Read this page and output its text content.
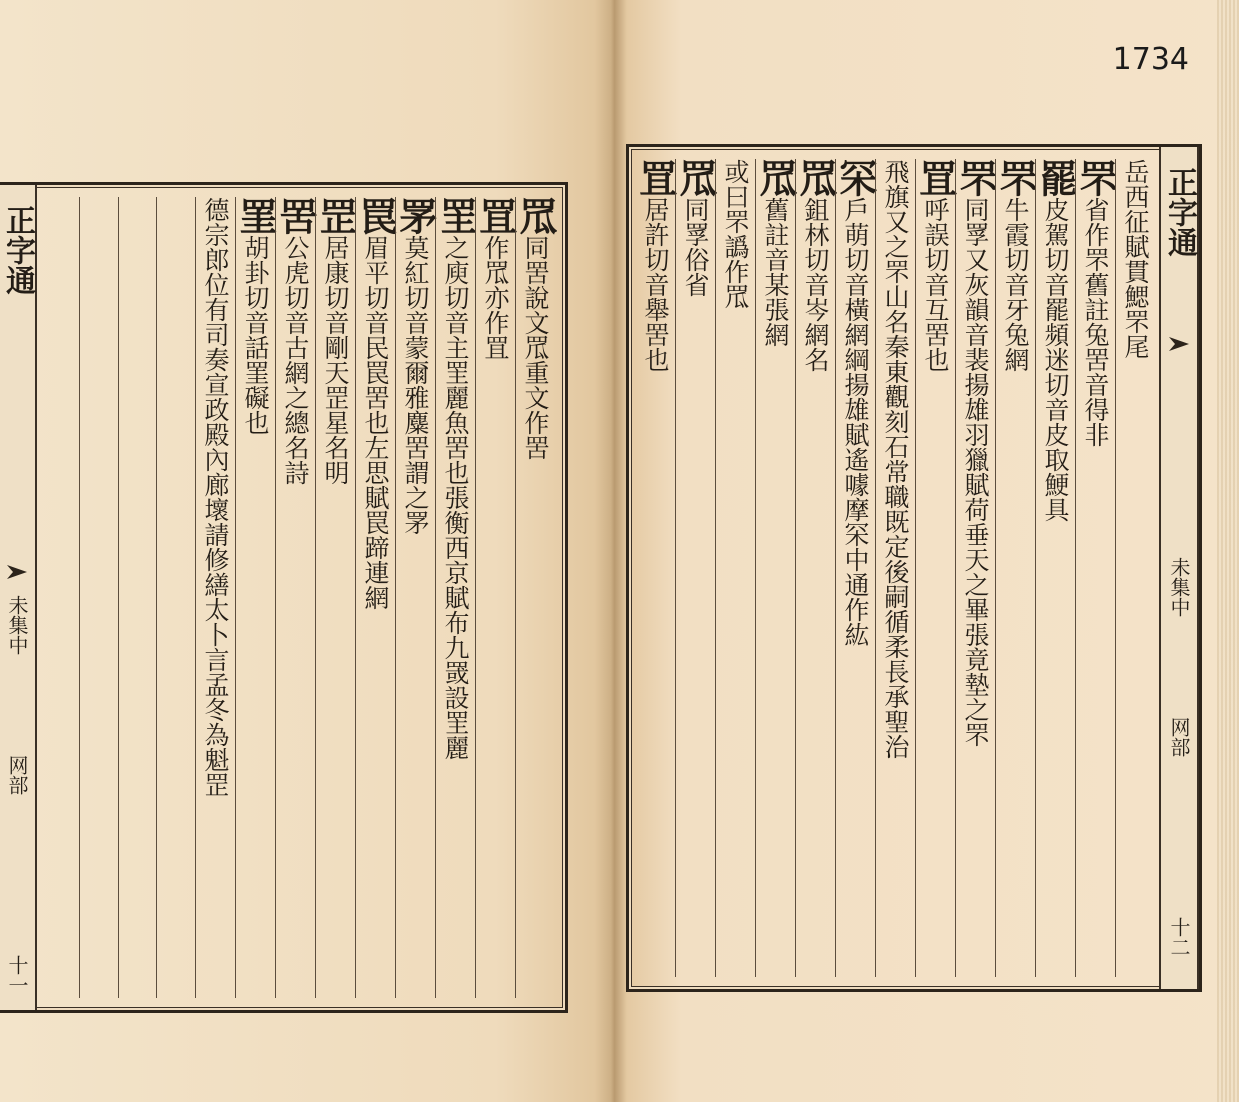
1734
正字通
未集中
网部
十一
罛同罟說文罛重文作罟
罝作罛亦作罝
罜之庾切音主罜麗魚罟也張衡西京賦布九罭設罜麗
罞莫紅切音蒙爾雅麋罟謂之罞
罠眉平切音民罠罟也左思賦罠蹄連網
罡居康切音剛天罡星名明
罟公虎切音古網之總名詩
罣胡卦切音話罣礙也
德宗郎位有司奏宣政殿內廊壞請修繕太卜言孟冬為魁罡	正字通
未集中
网部
十二
岳西征賦貫鰓罘尾
罘省作罘舊註兔罟音得非
罷皮駕切音罷頻迷切音皮取鯁具
罘牛霞切音牙兔網
罘同罦又灰韻音裴揚雄羽獵賦荷垂天之畢張竟墊之罘
罝呼誤切音互罟也
飛旗又之罘山名秦東觀刻石常職既定後嗣循柔長承聖治
罙戶萌切音橫網綱揚雄賦遙噱摩罙中通作紘
罛鉏林切音岑網名
罛舊註音某張網
或曰罘譌作罛
罛同罦俗省
罝居許切音舉罟也
